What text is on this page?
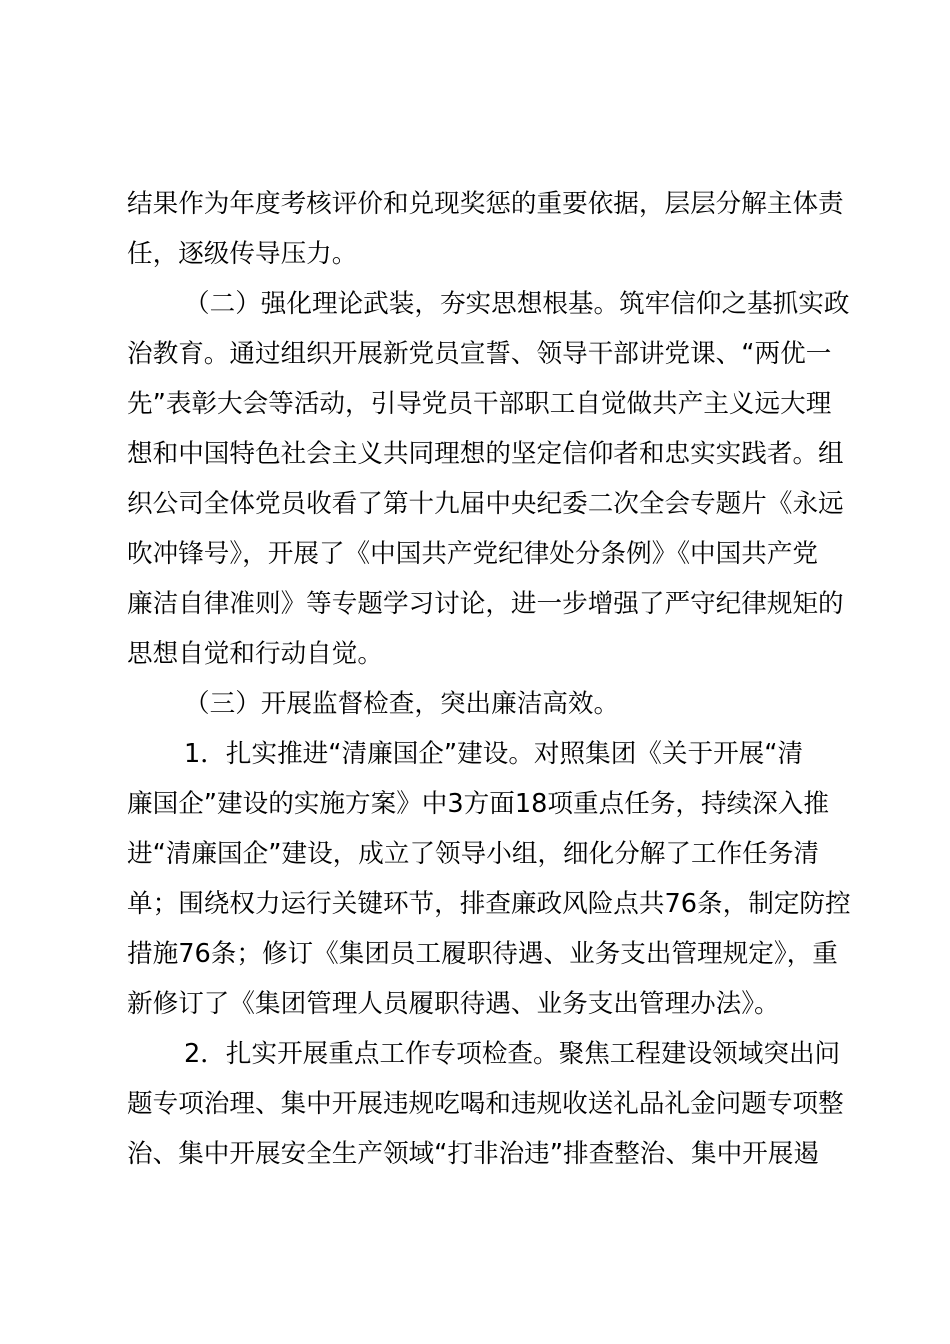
结果作为年度考核评价和兑现奖惩的重要依据，层层分解主体责
任，逐级传导压力。
（二）强化理论武装，夯实思想根基。筑牢信仰之基抓实政
治教育。通过组织开展新党员宣誓、领导干部讲党课、“两优一
先”表彰大会等活动，引导党员干部职工自觉做共产主义远大理
想和中国特色社会主义共同理想的坚定信仰者和忠实实践者。组
织公司全体党员收看了第十九届中央纪委二次全会专题片《永远
吹冲锋号》，开展了《中国共产党纪律处分条例》《中国共产党
廉洁自律准则》等专题学习讨论，进一步增强了严守纪律规矩的
思想自觉和行动自觉。
（三）开展监督检查，突出廉洁高效。
1．扎实推进“清廉国企”建设。对照集团《关于开展“清
廉国企”建设的实施方案》中3方面18项重点任务，持续深入推
进“清廉国企”建设，成立了领导小组，细化分解了工作任务清
单；围绕权力运行关键环节，排查廉政风险点共76条，制定防控
措施76条；修订《集团员工履职待遇、业务支出管理规定》，重
新修订了《集团管理人员履职待遇、业务支出管理办法》。
2．扎实开展重点工作专项检查。聚焦工程建设领域突出问
题专项治理、集中开展违规吃喝和违规收送礼品礼金问题专项整
治、集中开展安全生产领域“打非治违”排查整治、集中开展遏
